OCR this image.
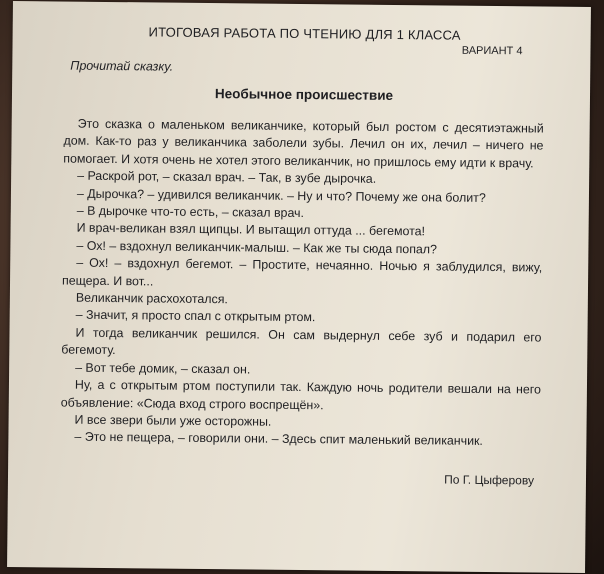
ИТОГОВАЯ РАБОТА ПО ЧТЕНИЮ ДЛЯ 1 КЛАССА
ВАРИАНТ 4
Прочитай сказку.
Необычное происшествие

Это сказка о маленьком великанчике, который был ростом с десятиэтажный дом. Как-то раз у великанчика заболели зубы. Лечил он их, лечил – ничего не помогает. И хотя очень не хотел этого великанчик, но пришлось ему идти к врачу.

– Раскрой рот, – сказал врач. – Так, в зубе дырочка.

– Дырочка? – удивился великанчик. – Ну и что? Почему же она болит?

– В дырочке что-то есть, – сказал врач.

И врач-великан взял щипцы. И вытащил оттуда ... бегемота!

– Ох! – вздохнул великанчик-малыш. – Как же ты сюда попал?

– Ох! – вздохнул бегемот. – Простите, нечаянно. Ночью я заблудился, вижу, пещера. И вот...

Великанчик расхохотался.

– Значит, я просто спал с открытым ртом.

И тогда великанчик решился. Он сам выдернул себе зуб и подарил его бегемоту.

– Вот тебе домик, – сказал он.

Ну, а с открытым ртом поступили так. Каждую ночь родители вешали на него объявление: «Сюда вход строго воспрещён».

И все звери были уже осторожны.

– Это не пещера, – говорили они. – Здесь спит маленький великанчик.

По Г. Цыферову
